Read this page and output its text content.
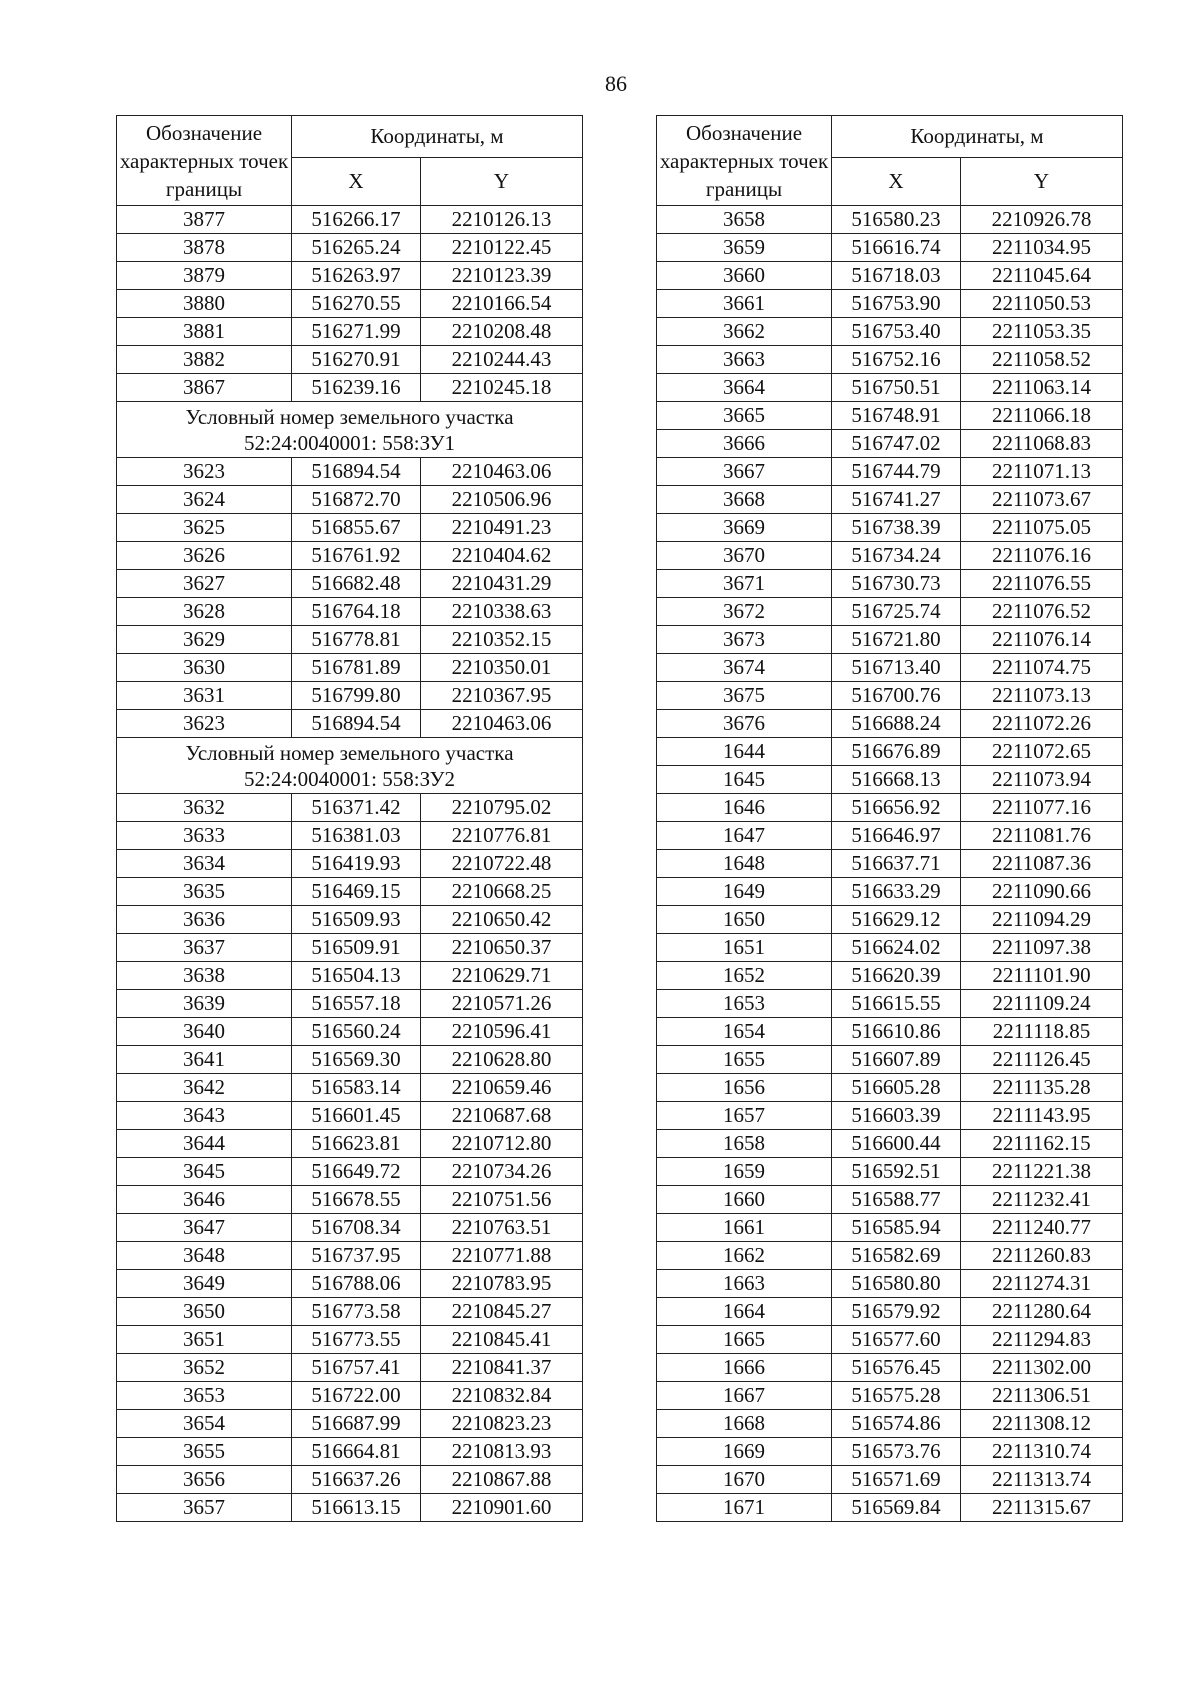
86
Обозначение характерных точек границы	Координаты, м	
	X	Y
3877	516266.17	2210126.13
3878	516265.24	2210122.45
3879	516263.97	2210123.39
3880	516270.55	2210166.54
3881	516271.99	2210208.48
3882	516270.91	2210244.43
3867	516239.16	2210245.18
Условный номер земельного участка 52:24:0040001: 558:ЗУ1		
3623	516894.54	2210463.06
3624	516872.70	2210506.96
3625	516855.67	2210491.23
3626	516761.92	2210404.62
3627	516682.48	2210431.29
3628	516764.18	2210338.63
3629	516778.81	2210352.15
3630	516781.89	2210350.01
3631	516799.80	2210367.95
3623	516894.54	2210463.06
Условный номер земельного участка 52:24:0040001: 558:ЗУ2		
3632	516371.42	2210795.02
3633	516381.03	2210776.81
3634	516419.93	2210722.48
3635	516469.15	2210668.25
3636	516509.93	2210650.42
3637	516509.91	2210650.37
3638	516504.13	2210629.71
3639	516557.18	2210571.26
3640	516560.24	2210596.41
3641	516569.30	2210628.80
3642	516583.14	2210659.46
3643	516601.45	2210687.68
3644	516623.81	2210712.80
3645	516649.72	2210734.26
3646	516678.55	2210751.56
3647	516708.34	2210763.51
3648	516737.95	2210771.88
3649	516788.06	2210783.95
3650	516773.58	2210845.27
3651	516773.55	2210845.41
3652	516757.41	2210841.37
3653	516722.00	2210832.84
3654	516687.99	2210823.23
3655	516664.81	2210813.93
3656	516637.26	2210867.88
3657	516613.15	2210901.60
Обозначение характерных точек границы	Координаты, м	
	X	Y
3658	516580.23	2210926.78
3659	516616.74	2211034.95
3660	516718.03	2211045.64
3661	516753.90	2211050.53
3662	516753.40	2211053.35
3663	516752.16	2211058.52
3664	516750.51	2211063.14
3665	516748.91	2211066.18
3666	516747.02	2211068.83
3667	516744.79	2211071.13
3668	516741.27	2211073.67
3669	516738.39	2211075.05
3670	516734.24	2211076.16
3671	516730.73	2211076.55
3672	516725.74	2211076.52
3673	516721.80	2211076.14
3674	516713.40	2211074.75
3675	516700.76	2211073.13
3676	516688.24	2211072.26
1644	516676.89	2211072.65
1645	516668.13	2211073.94
1646	516656.92	2211077.16
1647	516646.97	2211081.76
1648	516637.71	2211087.36
1649	516633.29	2211090.66
1650	516629.12	2211094.29
1651	516624.02	2211097.38
1652	516620.39	2211101.90
1653	516615.55	2211109.24
1654	516610.86	2211118.85
1655	516607.89	2211126.45
1656	516605.28	2211135.28
1657	516603.39	2211143.95
1658	516600.44	2211162.15
1659	516592.51	2211221.38
1660	516588.77	2211232.41
1661	516585.94	2211240.77
1662	516582.69	2211260.83
1663	516580.80	2211274.31
1664	516579.92	2211280.64
1665	516577.60	2211294.83
1666	516576.45	2211302.00
1667	516575.28	2211306.51
1668	516574.86	2211308.12
1669	516573.76	2211310.74
1670	516571.69	2211313.74
1671	516569.84	2211315.67
